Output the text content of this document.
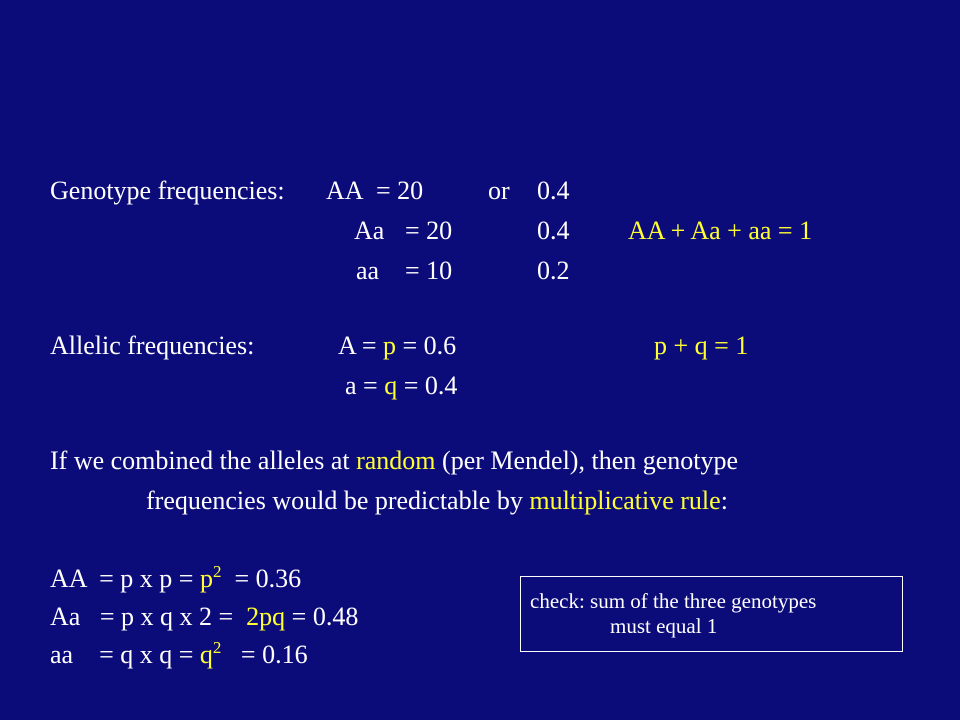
Genotype frequencies: AA = 20 or 0.4

Aa = 20	0.4 AA + Aa + aa = 1

aa = 10	0.2

Allelic frequencies:	A = p = 0.6	p + q = 1

a = q = 0.4

If we combined the alleles at random (per Mendel), then genotype

frequencies would be predictable by multiplicative rule:

AA  = p x $p = p^2 = 0.36$

Aa   = p x q x 2 =  2pq = 0.48

aa    = q x $q = q^2 = 0.16$

check: sum of the three genotypes

must equal 1
